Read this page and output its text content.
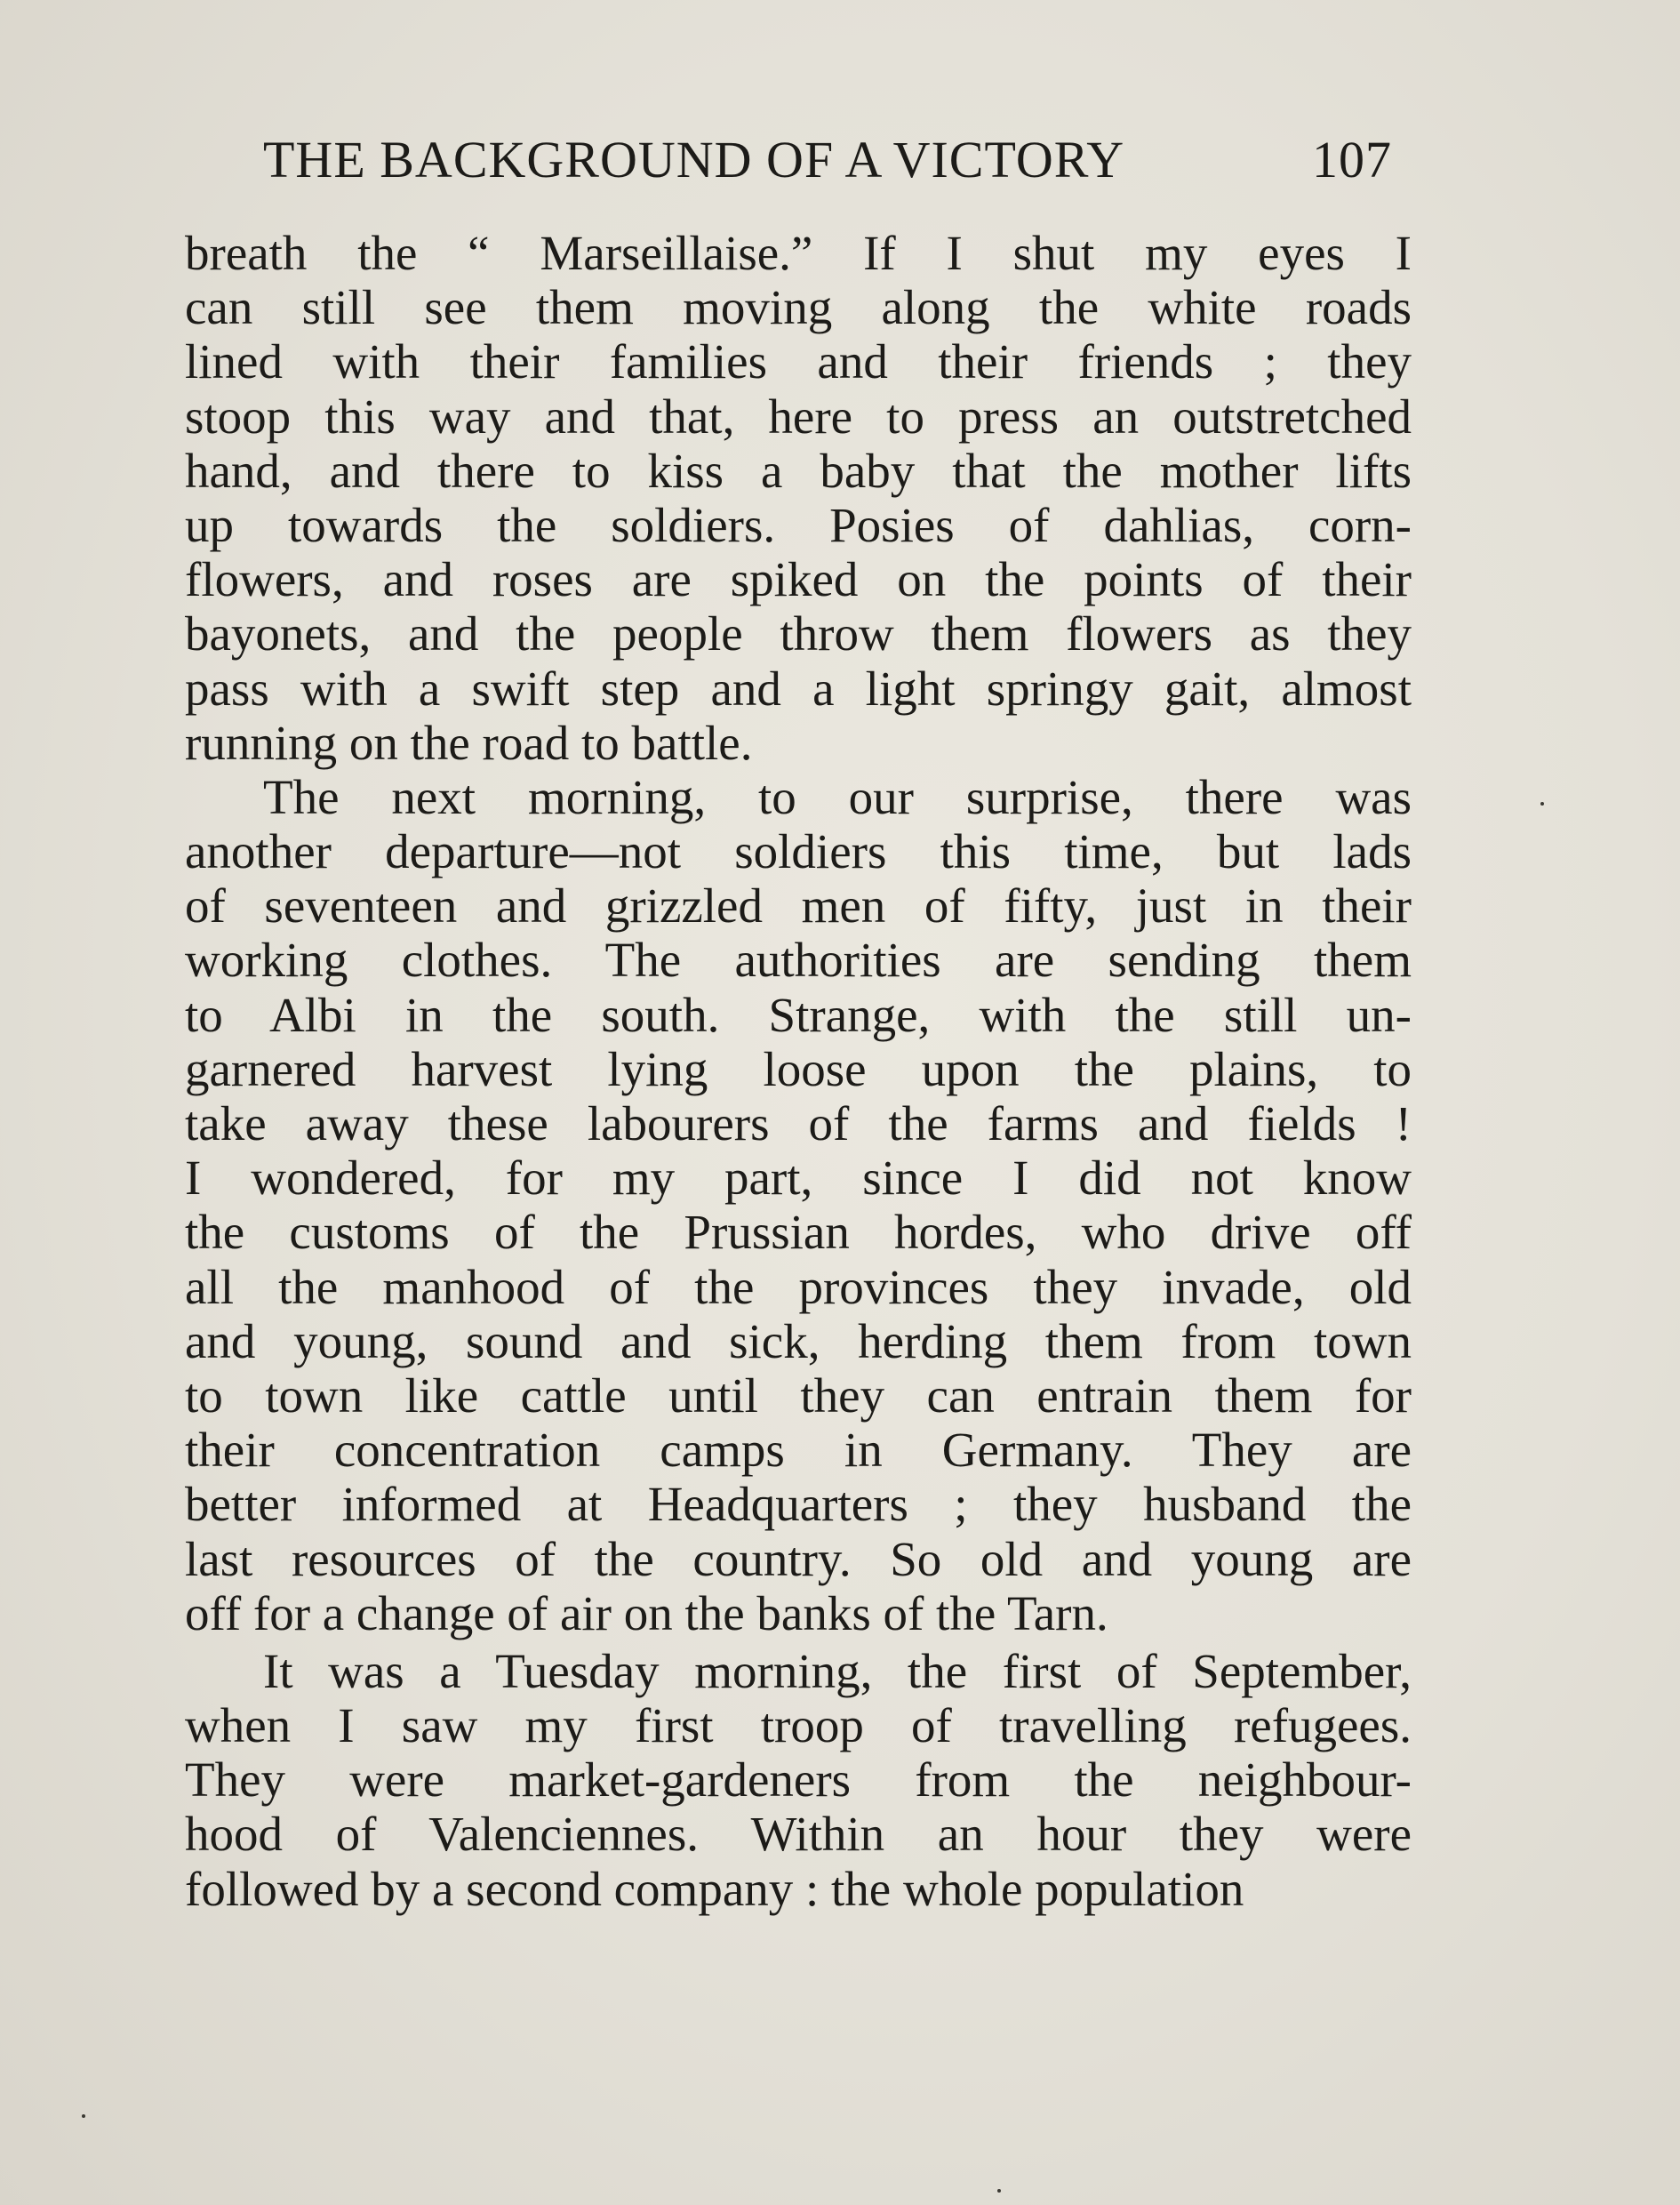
THE BACKGROUND OF A VICTORY	107
breath the “ Marseillaise.” If I shut my eyes I
can still see them moving along the white roads
lined with their families and their friends ; they
stoop this way and that, here to press an outstretched
hand, and there to kiss a baby that the mother lifts
up towards the soldiers. Posies of dahlias, corn-
flowers, and roses are spiked on the points of their
bayonets, and the people throw them flowers as they
pass with a swift step and a light springy gait, almost
running on the road to battle.
The next morning, to our surprise, there was
another departure—not soldiers this time, but lads
of seventeen and grizzled men of fifty, just in their
working clothes. The authorities are sending them
to Albi in the south. Strange, with the still un-
garnered harvest lying loose upon the plains, to
take away these labourers of the farms and fields !
I wondered, for my part, since I did not know
the customs of the Prussian hordes, who drive off
all the manhood of the provinces they invade, old
and young, sound and sick, herding them from town
to town like cattle until they can entrain them for
their concentration camps in Germany. They are
better informed at Headquarters ; they husband the
last resources of the country. So old and young are
off for a change of air on the banks of the Tarn.
It was a Tuesday morning, the first of September,
when I saw my first troop of travelling refugees.
They were market-gardeners from the neighbour-
hood of Valenciennes. Within an hour they were
followed by a second company : the whole population
